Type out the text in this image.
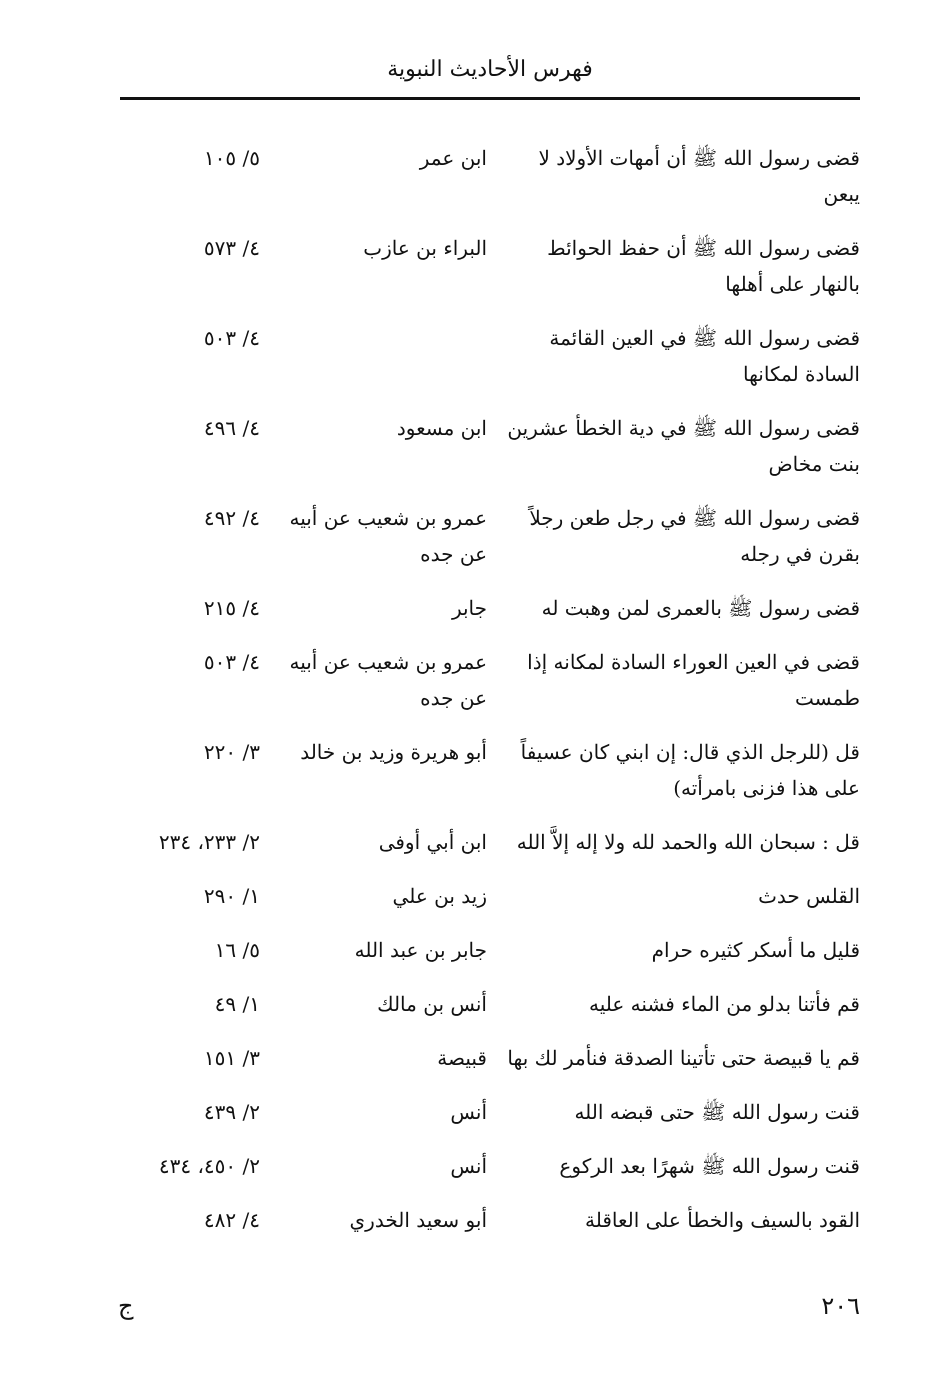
فهرس الأحاديث النبوية
قضى رسول الله ﷺ أن أمهات الأولاد لا يبعن
ابن عمر
٥/ ١٠٥
قضى رسول الله ﷺ أن حفظ الحوائط بالنهار على أهلها
البراء بن عازب
٤/ ٥٧٣
قضى رسول الله ﷺ في العين القائمة السادة لمكانها
٤/ ٥٠٣
قضى رسول الله ﷺ في دية الخطأ عشرين بنت مخاض
ابن مسعود
٤/ ٤٩٦
قضى رسول الله ﷺ في رجل طعن رجلاً بقرن في رجله
عمرو بن شعيب عن أبيه عن جده
٤/ ٤٩٢
قضى رسول ﷺ بالعمرى لمن وهبت له
جابر
٤/ ٢١٥
قضى في العين العوراء السادة لمكانه إذا طمست
عمرو بن شعيب عن أبيه عن جده
٤/ ٥٠٣
قل (للرجل الذي قال: إن ابني كان عسيفاً على هذا فزنى بامرأته)
أبو هريرة وزيد بن خالد
٣/ ٢٢٠
قل : سبحان الله والحمد لله ولا إله إلاَّ الله
ابن أبي أوفى
٢/ ٢٣٣، ٢٣٤
القلس حدث
زيد بن علي
١/ ٢٩٠
قليل ما أسكر كثيره حرام
جابر بن عبد الله
٥/ ١٦
قم فأتنا بدلو من الماء فشنه عليه
أنس بن مالك
١/ ٤٩
قم يا قبيصة حتى تأتينا الصدقة فنأمر لك بها
قبيصة
٣/ ١٥١
قنت رسول الله ﷺ حتى قبضه الله
أنس
٢/ ٤٣٩
قنت رسول الله ﷺ شهرًا بعد الركوع
أنس
٢/ ٤٥٠، ٤٣٤
القود بالسيف والخطأ على العاقلة
أبو سعيد الخدري
٤/ ٤٨٢
٢٠٦
ج
